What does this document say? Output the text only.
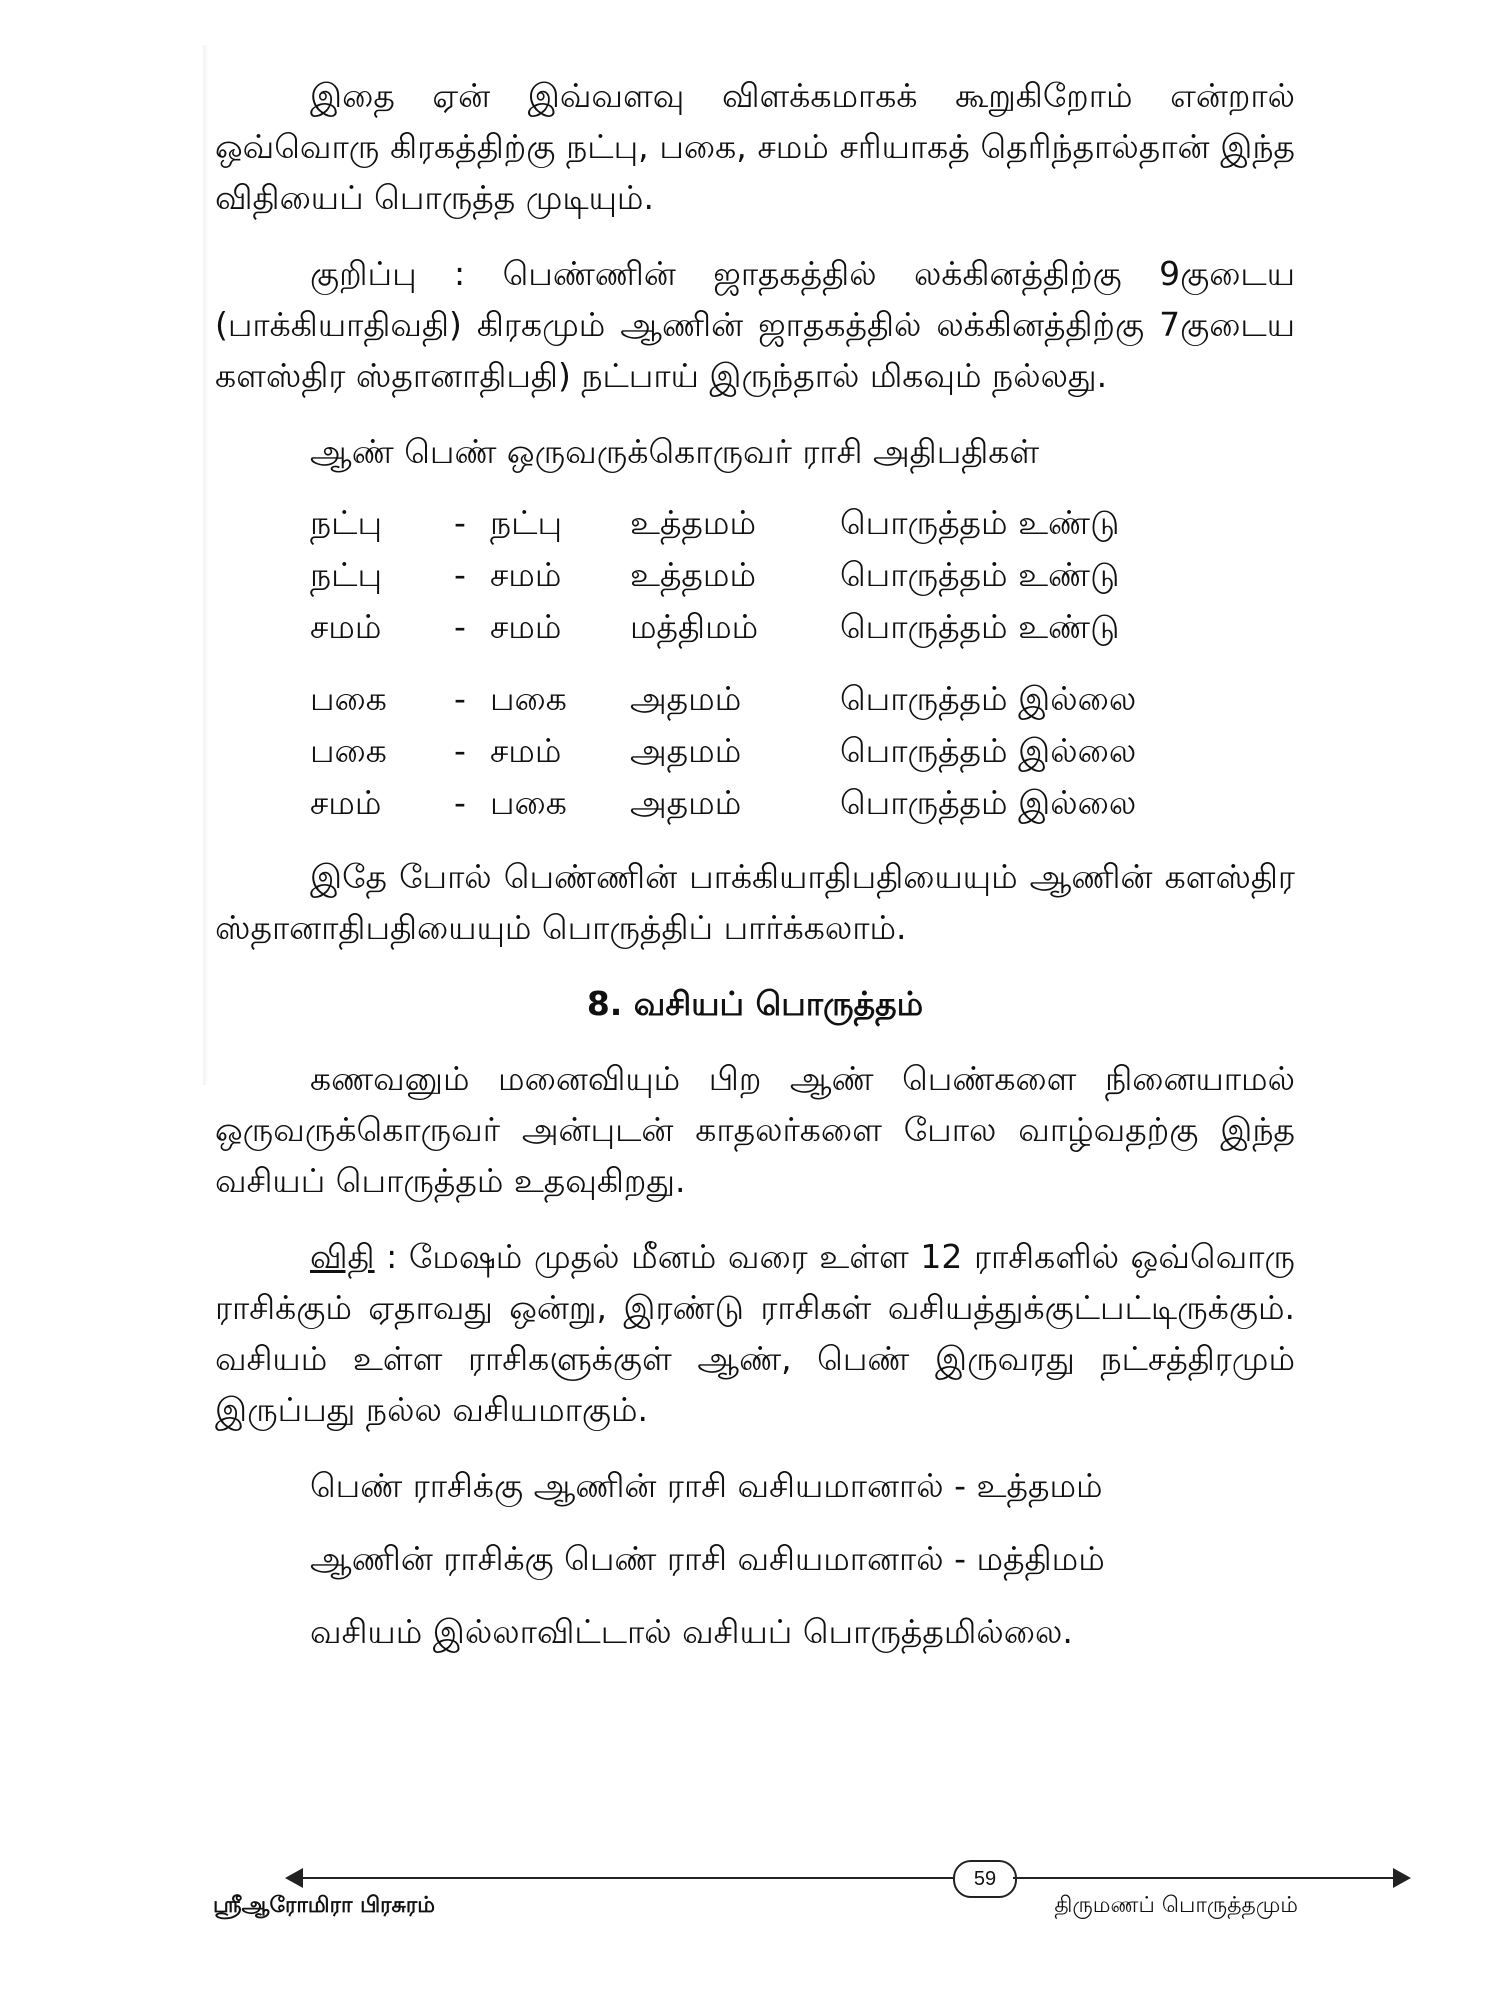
இதை ஏன் இவ்வளவு விளக்கமாகக் கூறுகிறோம் என்றால் ஒவ்வொரு கிரகத்திற்கு நட்பு, பகை, சமம் சரியாகத் தெரிந்தால்தான் இந்த விதியைப் பொருத்த முடியும்.

குறிப்பு : பெண்ணின் ஜாதகத்தில் லக்கினத்திற்கு 9குடைய (பாக்கியாதிவதி) கிரகமும் ஆணின் ஜாதகத்தில் லக்கினத்திற்கு 7குடைய களஸ்திர ஸ்தானாதிபதி) நட்பாய் இருந்தால் மிகவும் நல்லது.

ஆண் பெண் ஒருவருக்கொருவர் ராசி அதிபதிகள்
நட்பு	- நட்பு	உத்தமம்	பொருத்தம் உண்டு
நட்பு	- சமம்	உத்தமம்	பொருத்தம் உண்டு
சமம்	- சமம்	மத்திமம்	பொருத்தம் உண்டு
பகை	- பகை	அதமம்	பொருத்தம் இல்லை
பகை	- சமம்	அதமம்	பொருத்தம் இல்லை
சமம்	- பகை	அதமம்	பொருத்தம் இல்லை

இதே போல் பெண்ணின் பாக்கியாதிபதியையும் ஆணின் களஸ்திர ஸ்தானாதிபதியையும் பொருத்திப் பார்க்கலாம்.

8. வசியப் பொருத்தம்

கணவனும் மனைவியும் பிற ஆண் பெண்களை நினையாமல் ஒருவருக்கொருவர் அன்புடன் காதலர்களை போல வாழ்வதற்கு இந்த வசியப் பொருத்தம் உதவுகிறது.

விதி : மேஷம் முதல் மீனம் வரை உள்ள 12 ராசிகளில் ஒவ்வொரு ராசிக்கும் ஏதாவது ஒன்று, இரண்டு ராசிகள் வசியத்துக்குட்பட்டிருக்கும். வசியம் உள்ள ராசிகளுக்குள் ஆண், பெண் இருவரது நட்சத்திரமும் இருப்பது நல்ல வசியமாகும்.

பெண் ராசிக்கு ஆணின் ராசி வசியமானால் - உத்தமம்
ஆணின் ராசிக்கு பெண் ராசி வசியமானால் - மத்திமம்
வசியம் இல்லாவிட்டால் வசியப் பொருத்தமில்லை.
59
ஸ்ரீஆரோமிரா பிரசுரம்	திருமணப் பொருத்தமும்
